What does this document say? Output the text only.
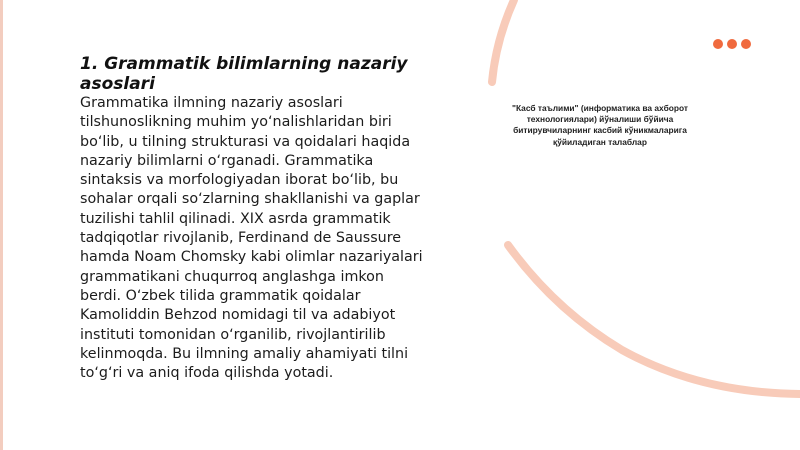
1. Grammatik bilimlarning nazariy asoslari

Grammatika ilmning nazariy asoslari tilshunoslikning muhim yo‘nalishlaridan biri bo‘lib, u tilning strukturasi va qoidalari haqida nazariy bilimlarni o‘rganadi. Grammatika sintaksis va morfologiyadan iborat bo‘lib, bu sohalar orqali so‘zlarning shakllanishi va gaplar tuzilishi tahlil qilinadi. XIX asrda grammatik tadqiqotlar rivojlanib, Ferdinand de Saussure hamda Noam Chomsky kabi olimlar nazariyalari grammatikani chuqurroq anglashga imkon berdi. O‘zbek tilida grammatik qoidalar Kamoliddin Behzod nomidagi til va adabiyot instituti tomonidan o‘rganilib, rivojlantirilib kelinmoqda. Bu ilmning amaliy ahamiyati tilni to‘g‘ri va aniq ifoda qilishda yotadi.

"Касб таълими" (информатика ва ахборот технологиялари) йўналиши бўйича битирувчиларнинг касбий кўникмаларига қўйиладиган талаблар
